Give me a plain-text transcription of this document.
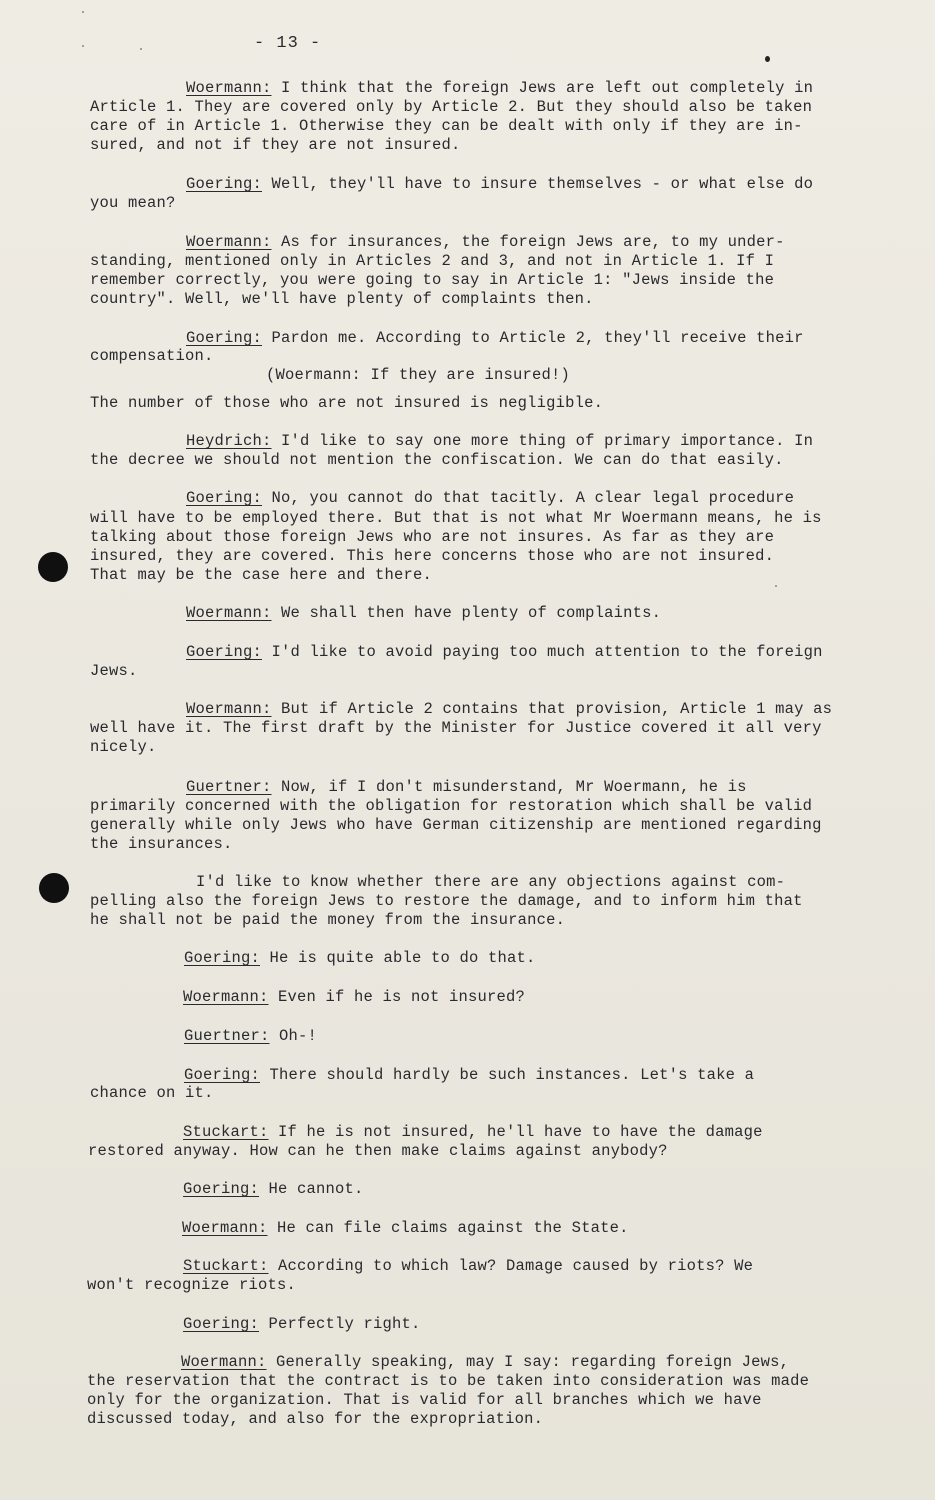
- 13 -
Woermann: I think that the foreign Jews are left out completely in
Article 1. They are covered only by Article 2. But they should also be taken
care of in Article 1. Otherwise they can be dealt with only if they are in-
sured, and not if they are not insured.
Goering: Well, they'll have to insure themselves - or what else do
you mean?
Woermann: As for insurances, the foreign Jews are, to my under-
standing, mentioned only in Articles 2 and 3, and not in Article 1. If I
remember correctly, you were going to say in Article 1: "Jews inside the
country". Well, we'll have plenty of complaints then.
Goering: Pardon me. According to Article 2, they'll receive their
compensation.
(Woermann: If they are insured!)
The number of those who are not insured is negligible.
Heydrich: I'd like to say one more thing of primary importance. In
the decree we should not mention the confiscation. We can do that easily.
Goering: No, you cannot do that tacitly. A clear legal procedure
will have to be employed there. But that is not what Mr Woermann means, he is
talking about those foreign Jews who are not insures. As far as they are
insured, they are covered. This here concerns those who are not insured.
That may be the case here and there.
Woermann: We shall then have plenty of complaints.
Goering: I'd like to avoid paying too much attention to the foreign
Jews.
Woermann: But if Article 2 contains that provision, Article 1 may as
well have it. The first draft by the Minister for Justice covered it all very
nicely.
Guertner: Now, if I don't misunderstand, Mr Woermann, he is
primarily concerned with the obligation for restoration which shall be valid
generally while only Jews who have German citizenship are mentioned regarding
the insurances.
I'd like to know whether there are any objections against com-
pelling also the foreign Jews to restore the damage, and to inform him that
he shall not be paid the money from the insurance.
Goering: He is quite able to do that.
Woermann: Even if he is not insured?
Guertner: Oh-!
Goering: There should hardly be such instances. Let's take a
chance on it.
Stuckart: If he is not insured, he'll have to have the damage
restored anyway. How can he then make claims against anybody?
Goering: He cannot.
Woermann: He can file claims against the State.
Stuckart: According to which law? Damage caused by riots? We
won't recognize riots.
Goering: Perfectly right.
Woermann: Generally speaking, may I say: regarding foreign Jews,
the reservation that the contract is to be taken into consideration was made
only for the organization. That is valid for all branches which we have
discussed today, and also for the expropriation.
